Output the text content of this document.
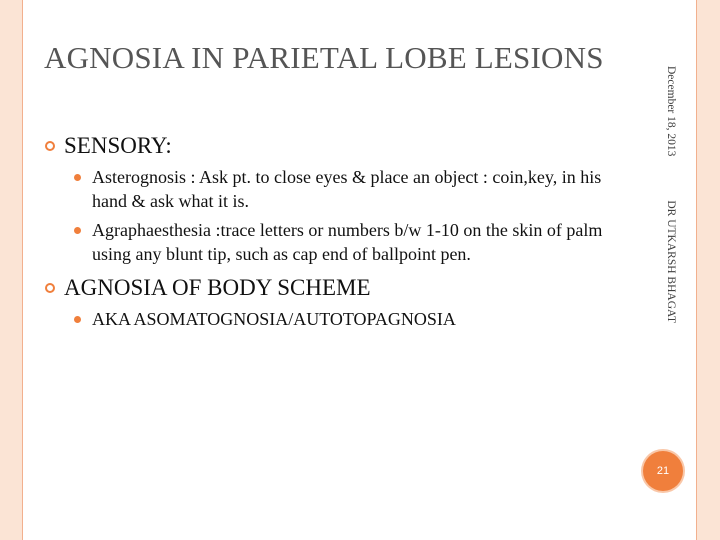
AGNOSIA IN PARIETAL LOBE LESIONS
December 18, 2013DR UTKARSH BHAGAT
SENSORY:
Asterognosis : Ask pt. to close eyes & place an object : coin,key, in his hand & ask what it is.
Agraphaesthesia :trace letters or numbers b/w 1-10 on the skin of palm using any blunt tip, such as cap end of ballpoint pen.
AGNOSIA OF BODY SCHEME
AKA ASOMATOGNOSIA/AUTOTOPAGNOSIA
21
